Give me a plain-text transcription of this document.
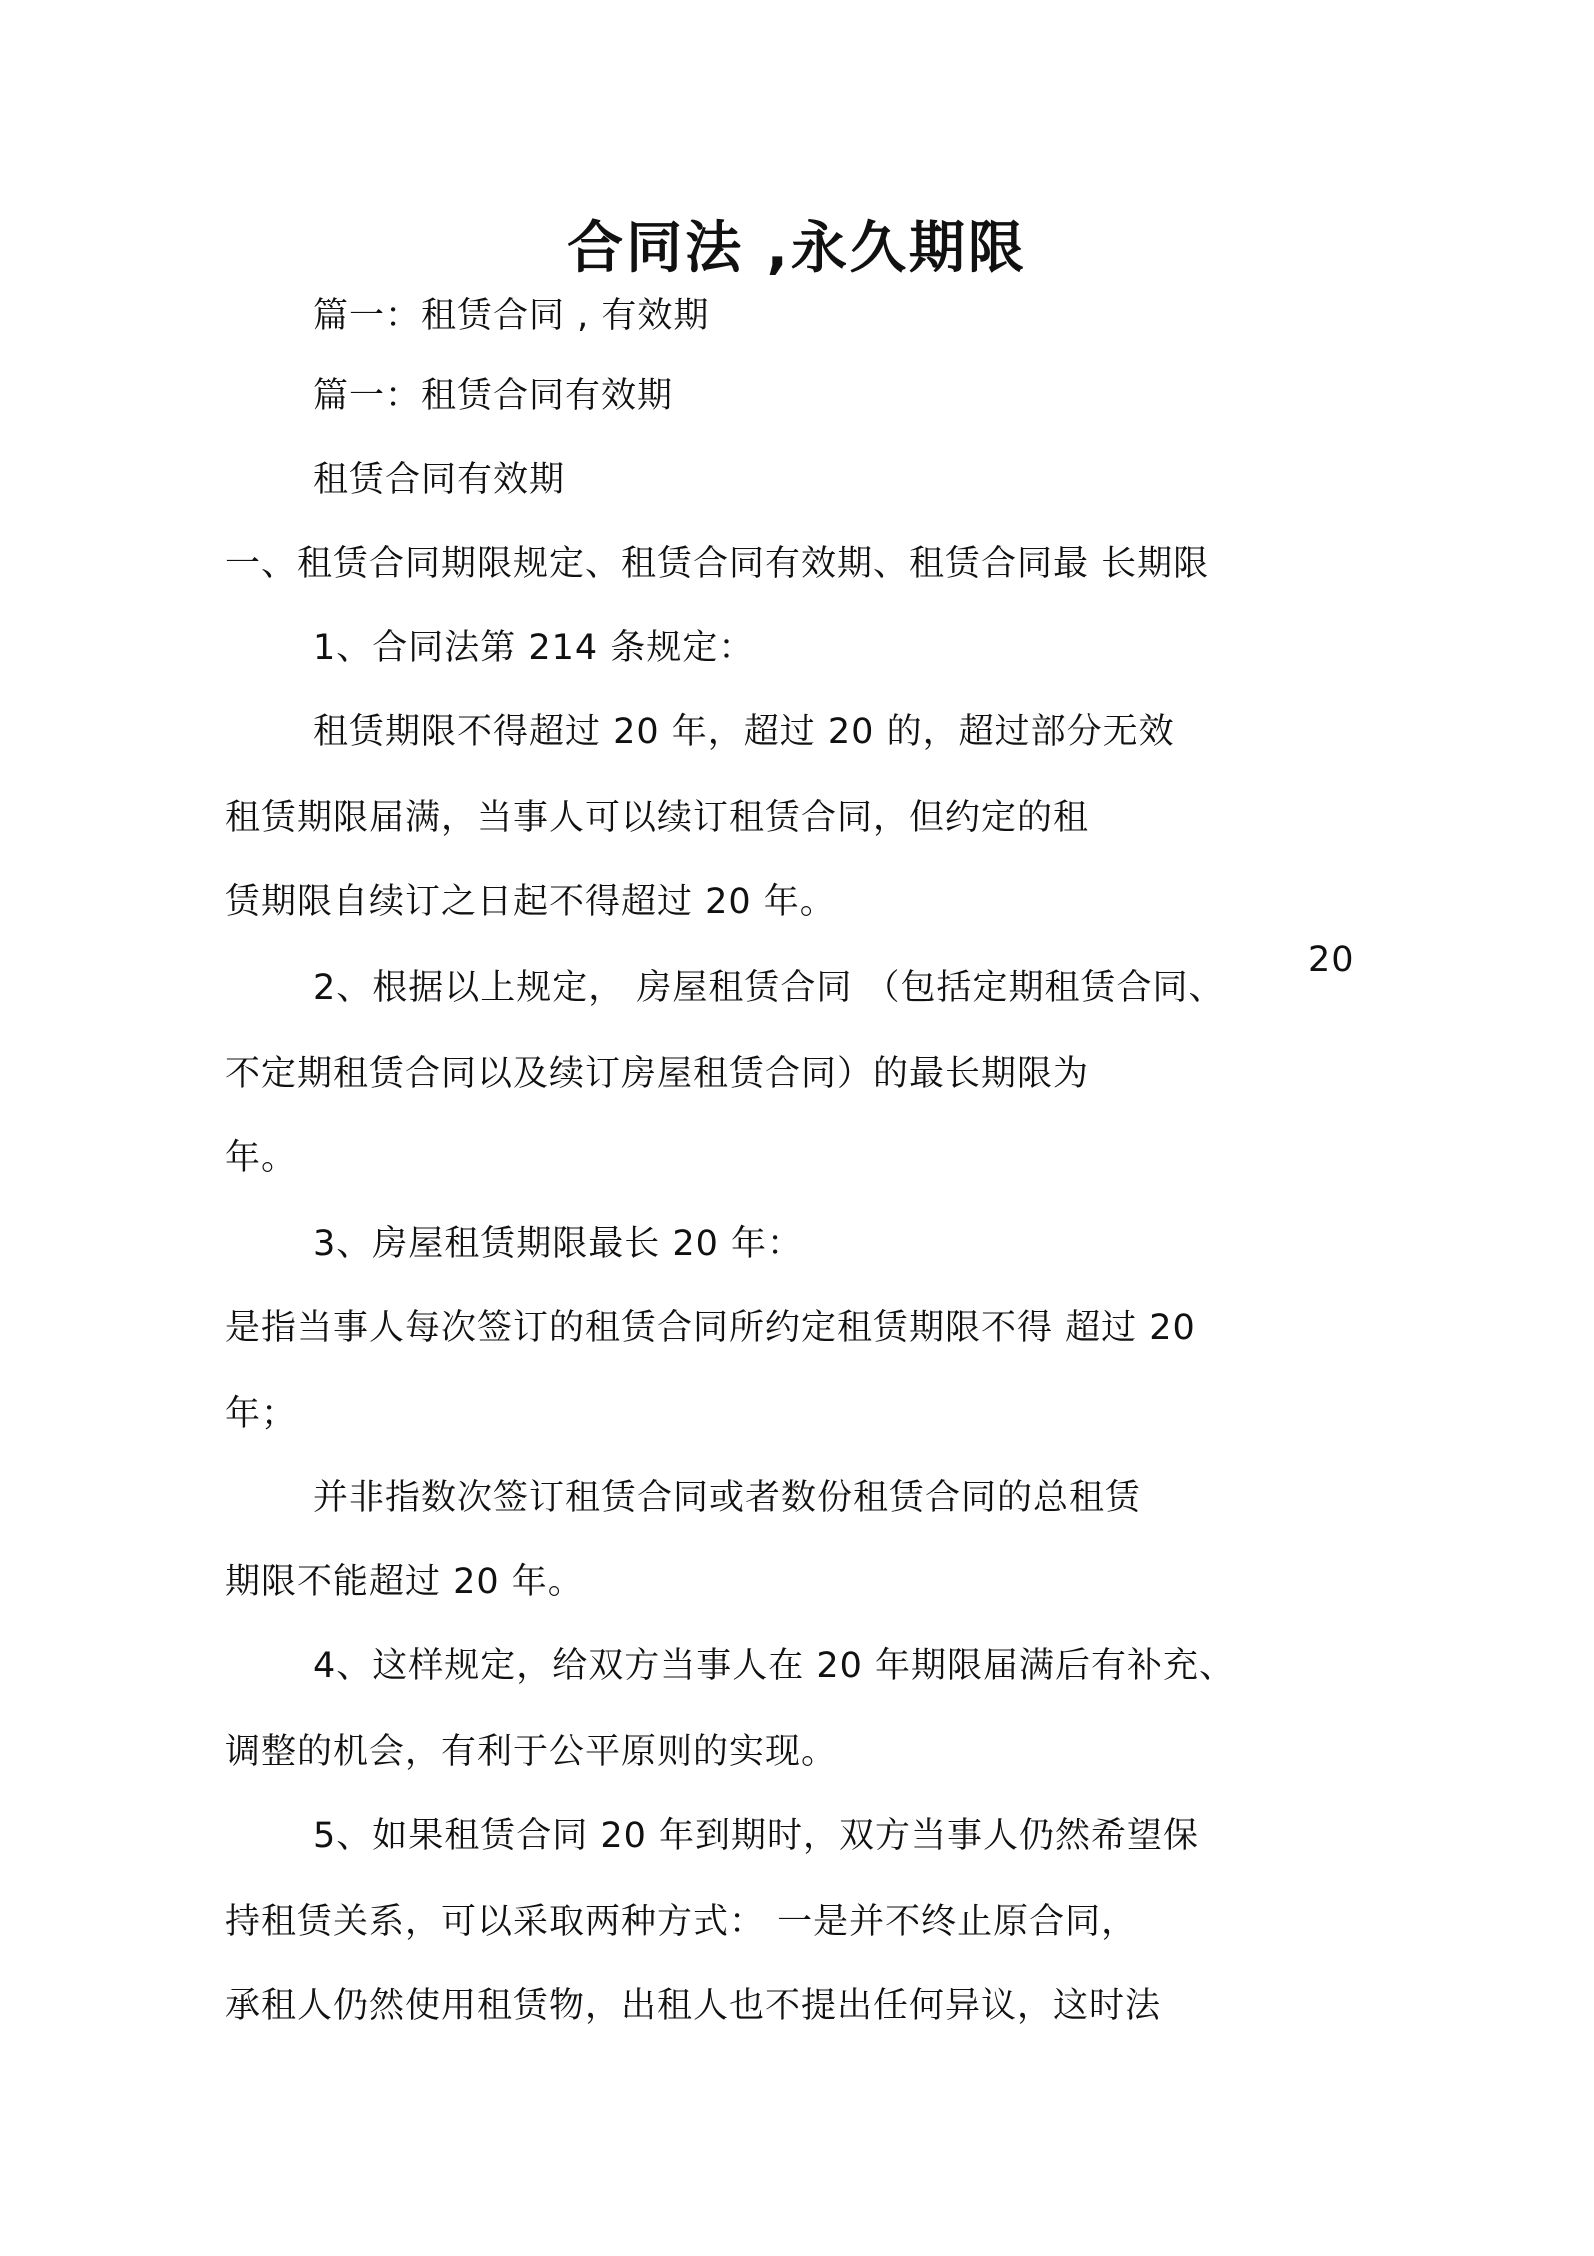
合同法 ,永久期限
篇一：租赁合同 , 有效期
篇一：租赁合同有效期
租赁合同有效期
一、租赁合同期限规定、租赁合同有效期、租赁合同最 长期限
1、合同法第 214 条规定：
租赁期限不得超过 20 年，超过 20 的，超过部分无效
租赁期限届满，当事人可以续订租赁合同，但约定的租
赁期限自续订之日起不得超过 20 年。
20
2、根据以上规定， 房屋租赁合同 （包括定期租赁合同、
不定期租赁合同以及续订房屋租赁合同）的最长期限为
年。
3、房屋租赁期限最长 20 年：
是指当事人每次签订的租赁合同所约定租赁期限不得 超过 20
年；
并非指数次签订租赁合同或者数份租赁合同的总租赁
期限不能超过 20 年。
4、这样规定，给双方当事人在 20 年期限届满后有补充、
调整的机会，有利于公平原则的实现。
5、如果租赁合同 20 年到期时，双方当事人仍然希望保
持租赁关系，可以采取两种方式： 一是并不终止原合同，
承租人仍然使用租赁物，出租人也不提出任何异议，这时法
